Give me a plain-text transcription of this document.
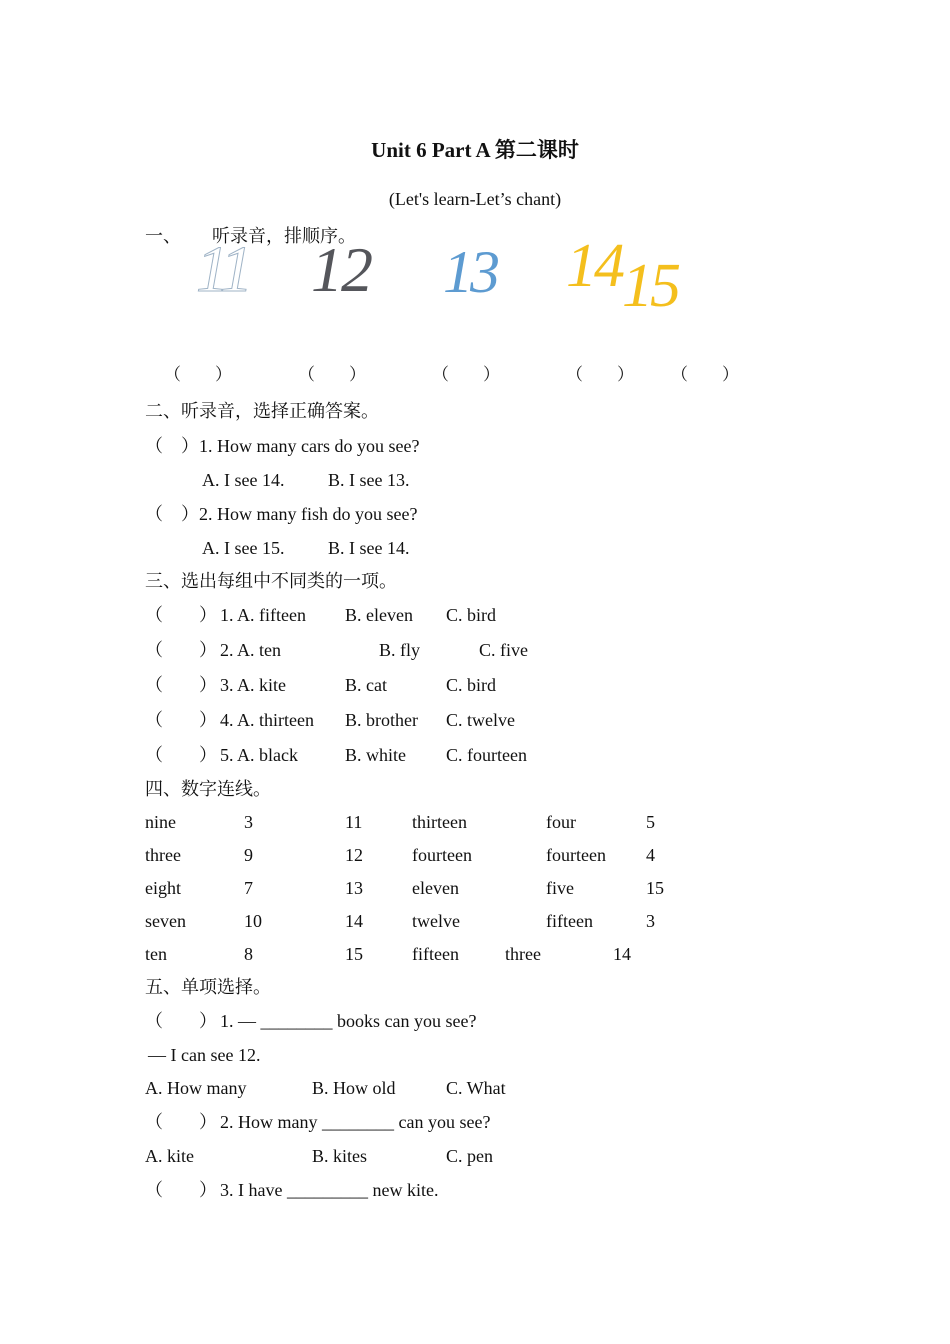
Unit 6 Part A 第二课时
(Let's learn-Let’s chant)
一、 听录音，排顺序。
11 12 13 14 15
（　　）	（　　）	（　　）	（　　） （　　）
二、听录音，选择正确答案。
（　）1. How many cars do you see?
A. I see 14. B. I see 13.
（　）2. How many fish do you see?
A. I see 15. B. I see 14.
三、选出每组中不同类的一项。
（　　） 1. A. fifteen B. eleven C. bird
（　　） 2. A. ten	B. fly	C. five
（　　） 3. A. kite	B. cat	C. bird
（　　） 4. A. thirteen B. brother C. twelve
（　　） 5. A. black	B. white C. fourteen
四、数字连线。
nine	3	11	thirteen	four	5
three	9	12	fourteen	fourteen 4
eight	7	13	eleven	five	15
seven	10	14	twelve	fifteen	3
ten	8	15	fifteen	three	14
五、单项选择。
（　　） 1. — ________ books can you see?
— I can see 12.
A. How many	B. How old	C. What
（　　） 2. How many ________ can you see?
A. kite	B. kites	C. pen
（　　） 3. I have _________ new kite.
